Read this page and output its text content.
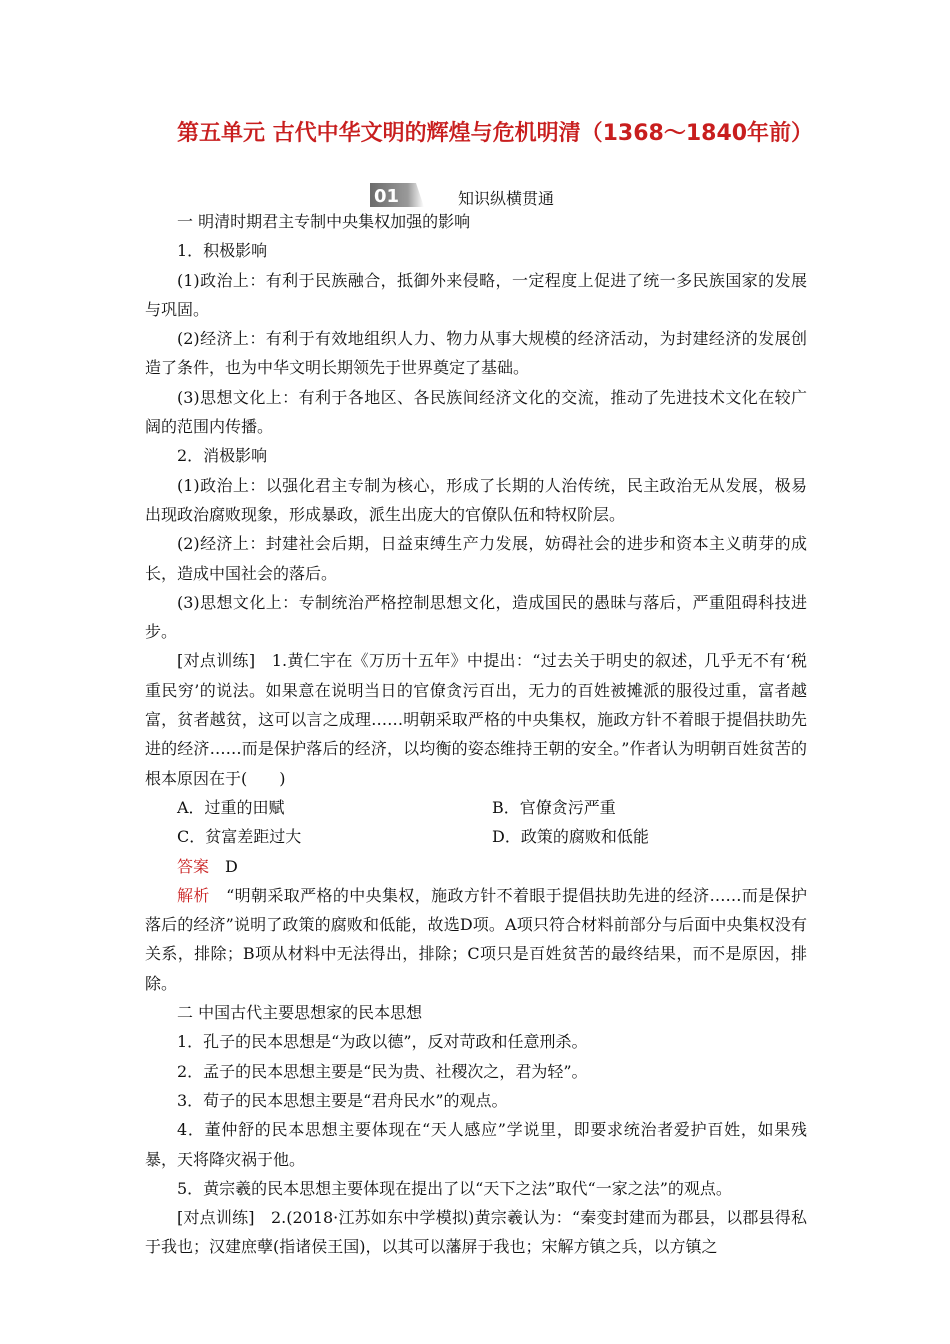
第五单元 古代中华文明的辉煌与危机明清（1368～1840年前）
01	知识纵横贯通

一 明清时期君主专制中央集权加强的影响

1．积极影响

(1)政治上：有利于民族融合，抵御外来侵略，一定程度上促进了统一多民族国家的发展与巩固。

(2)经济上：有利于有效地组织人力、物力从事大规模的经济活动，为封建经济的发展创造了条件，也为中华文明长期领先于世界奠定了基础。

(3)思想文化上：有利于各地区、各民族间经济文化的交流，推动了先进技术文化在较广阔的范围内传播。

2．消极影响

(1)政治上：以强化君主专制为核心，形成了长期的人治传统，民主政治无从发展，极易出现政治腐败现象，形成暴政，派生出庞大的官僚队伍和特权阶层。

(2)经济上：封建社会后期，日益束缚生产力发展，妨碍社会的进步和资本主义萌芽的成长，造成中国社会的落后。

(3)思想文化上：专制统治严格控制思想文化，造成国民的愚昧与落后，严重阻碍科技进步。

[对点训练]　 1.黄仁宇在《万历十五年》中提出：“过去关于明史的叙述，几乎无不有‘税重民穷’的说法。如果意在说明当日的官僚贪污百出，无力的百姓被摊派的服役过重，富者越富，贫者越贫，这可以言之成理……明朝采取严格的中央集权，施政方针不着眼于提倡扶助先进的经济……而是保护落后的经济，以均衡的姿态维持王朝的安全。”作者认为明朝百姓贫苦的根本原因在于(　　)

A．过重的田赋	B．官僚贪污严重
C．贫富差距过大	D．政策的腐败和低能

答案　 D

解析　 “明朝采取严格的中央集权，施政方针不着眼于提倡扶助先进的经济……而是保护落后的经济”说明了政策的腐败和低能，故选D项。A项只符合材料前部分与后面中央集权没有关系，排除；B项从材料中无法得出，排除；C项只是百姓贫苦的最终结果，而不是原因，排除。

二 中国古代主要思想家的民本思想

1．孔子的民本思想是“为政以德”，反对苛政和任意刑杀。

2．孟子的民本思想主要是“民为贵、社稷次之，君为轻”。

3．荀子的民本思想主要是“君舟民水”的观点。

4．董仲舒的民本思想主要体现在“天人感应”学说里，即要求统治者爱护百姓，如果残暴，天将降灾祸于他。

5．黄宗羲的民本思想主要体现在提出了以“天下之法”取代“一家之法”的观点。

[对点训练]　 2.(2018·江苏如东中学模拟)黄宗羲认为：“秦变封建而为郡县，以郡县得私于我也；汉建庶孽(指诸侯王国)，以其可以藩屏于我也；宋解方镇之兵，以方镇之
